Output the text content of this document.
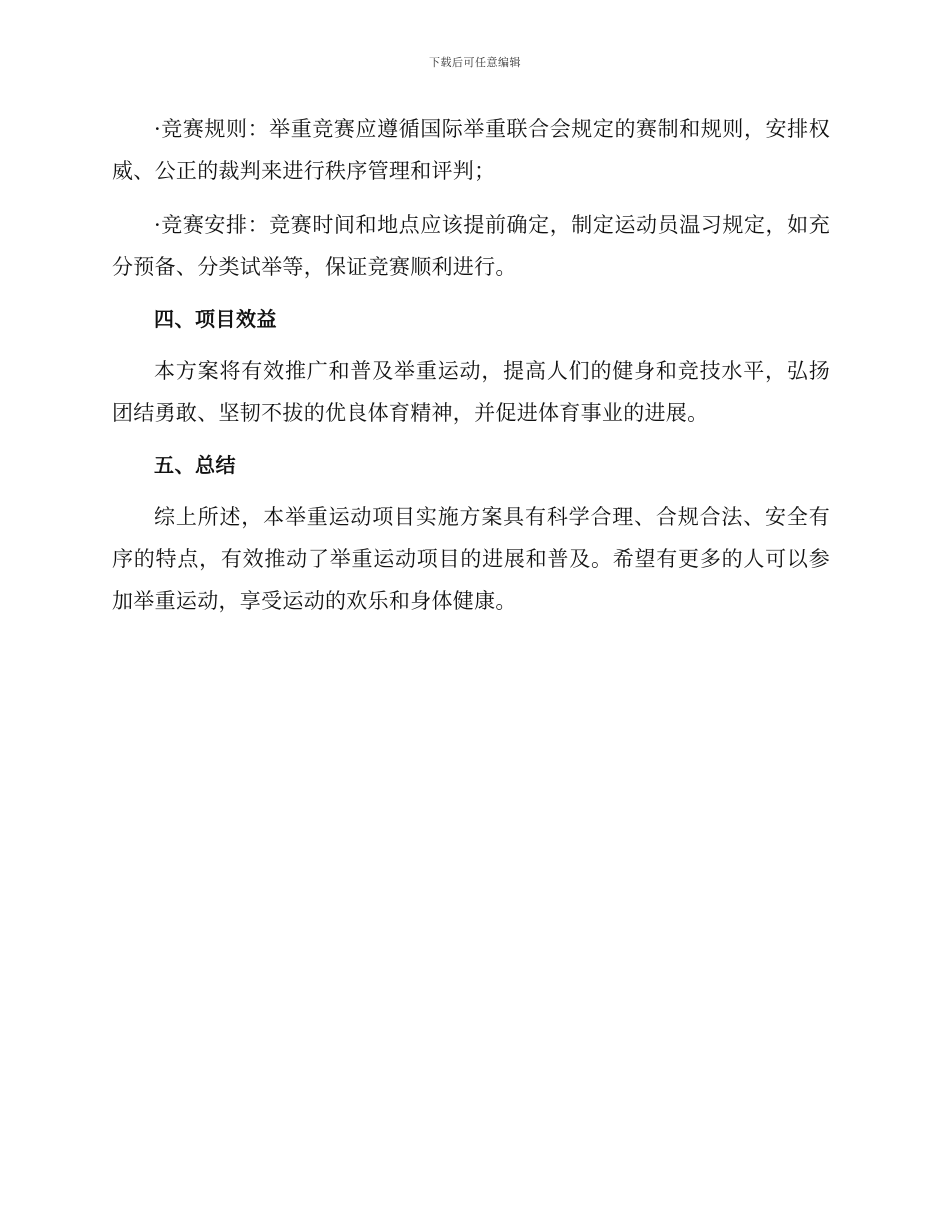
下载后可任意编辑

·竞赛规则：举重竞赛应遵循国际举重联合会规定的赛制和规则，安排权威、公正的裁判来进行秩序管理和评判；

·竞赛安排：竞赛时间和地点应该提前确定，制定运动员温习规定，如充分预备、分类试举等，保证竞赛顺利进行。

四、项目效益

本方案将有效推广和普及举重运动，提高人们的健身和竞技水平，弘扬团结勇敢、坚韧不拔的优良体育精神，并促进体育事业的进展。

五、总结

综上所述，本举重运动项目实施方案具有科学合理、合规合法、安全有序的特点，有效推动了举重运动项目的进展和普及。希望有更多的人可以参加举重运动，享受运动的欢乐和身体健康。
